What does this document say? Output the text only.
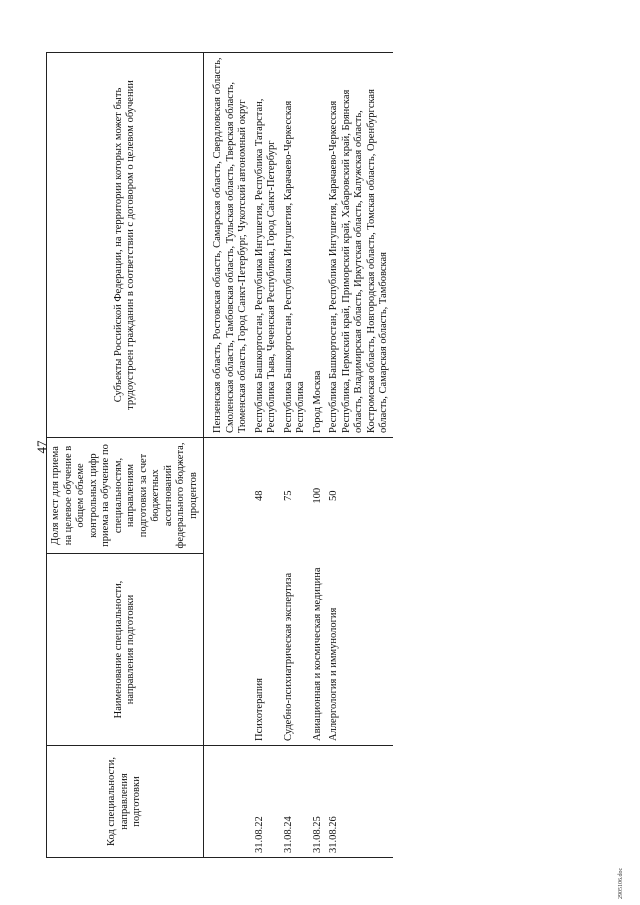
47
Код специальности, направления подготовки	Наименование специальности, направления подготовки	Доля мест для приема на целевое обучение в общем объеме контрольных цифр приема на обучение по специальностям, направлениям подготовки за счет бюджетных ассигнований федерального бюджета, процентов	Субъекты Российской Федерации, на территории которых может быть трудоустроен гражданин в соответствии с договором о целевом обучении
			Пензенская область, Ростовская область, Самарская область, Свердловская область, Смоленская область, Тамбовская область, Тульская область, Тверская область, Тюменская область, Город Санкт-Петербург, Чукотский автономный округ
31.08.22	Психотерапия	48	Республика Башкортостан, Республика Ингушетия, Республика Татарстан, Республика Тыва, Чеченская Республика, Город Санкт-Петербург
31.08.24	Судебно-психиатрическая экспертиза	75	Республика Башкортостан, Республика Ингушетия, Карачаево-Черкесская Республика
31.08.25	Авиационная и космическая медицина	100	Город Москва
31.08.26	Аллергология и иммунология	50	Республика Башкортостан, Республика Ингушетия, Карачаево-Черкесская Республика, Пермский край, Приморский край, Хабаровский край, Брянская область, Владимирская область, Иркутская область, Калужская область, Костромская область, Новгородская область, Томская область, Оренбургская область, Самарская область, Тамбовская
2905106.doc
